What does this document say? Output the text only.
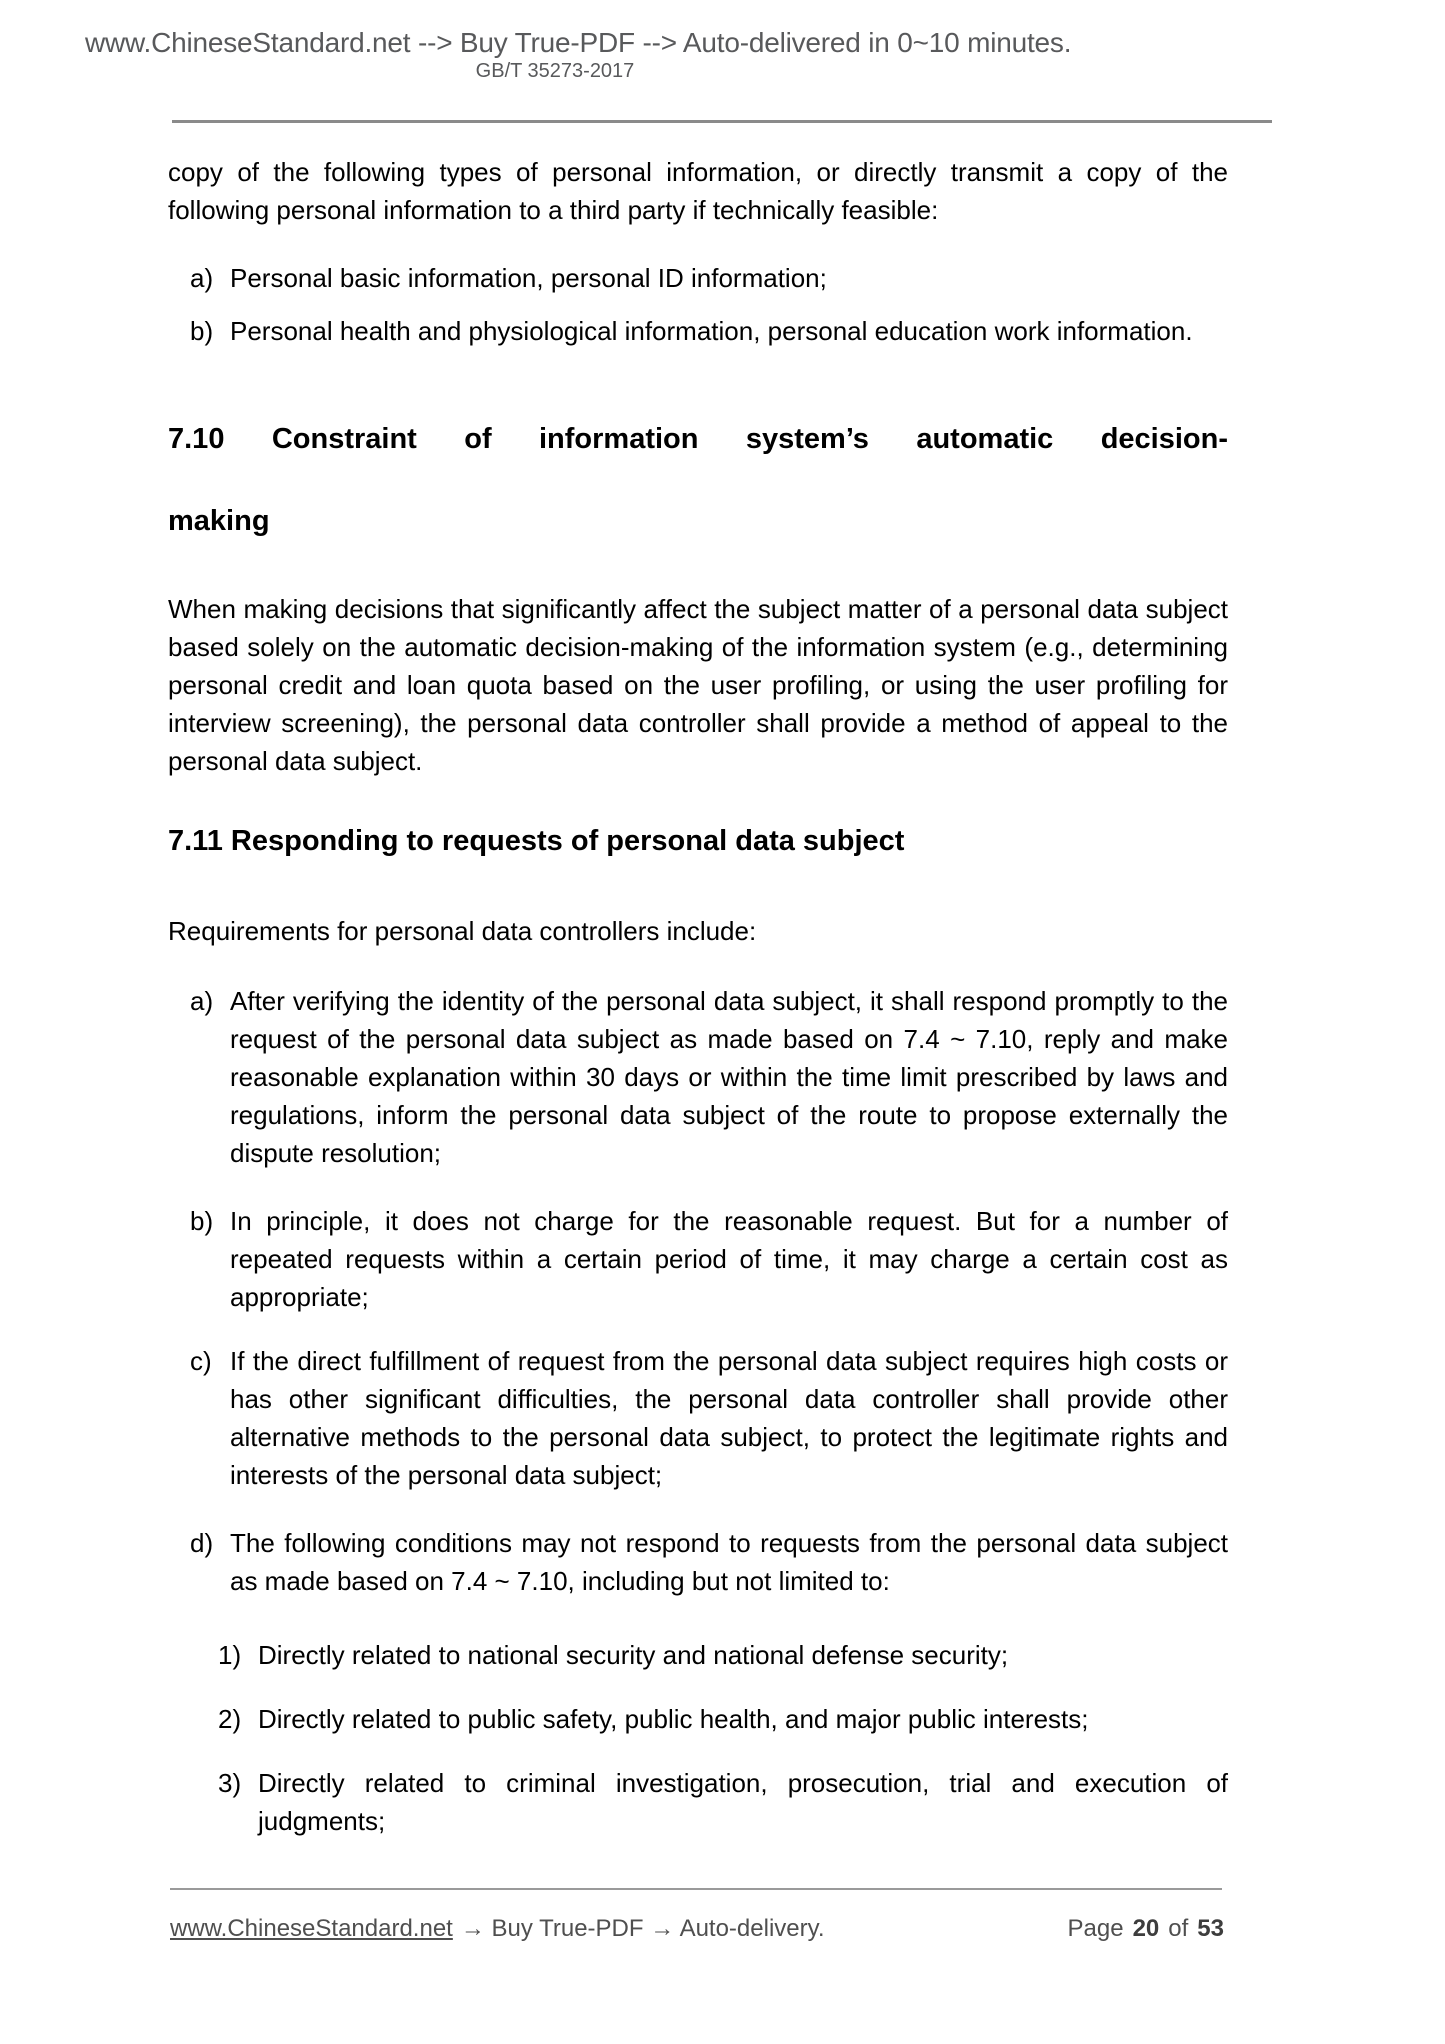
www.ChineseStandard.net --> Buy True-PDF --> Auto-delivered in 0~10 minutes.
GB/T 35273-2017

copy of the following types of personal information, or directly transmit a copy of the following personal information to a third party if technically feasible:

a) Personal basic information, personal ID information;
b) Personal health and physiological information, personal education work information.
7.10 Constraint of information system’s automatic decision-
making

When making decisions that significantly affect the subject matter of a personal data subject based solely on the automatic decision-making of the information system (e.g., determining personal credit and loan quota based on the user profiling, or using the user profiling for interview screening), the personal data controller shall provide a method of appeal to the personal data subject.

7.11 Responding to requests of personal data subject

Requirements for personal data controllers include:

a) After verifying the identity of the personal data subject, it shall respond promptly to the request of the personal data subject as made based on 7.4 ~ 7.10, reply and make reasonable explanation within 30 days or within the time limit prescribed by laws and regulations, inform the personal data subject of the route to propose externally the dispute resolution;
b) In principle, it does not charge for the reasonable request. But for a number of repeated requests within a certain period of time, it may charge a certain cost as appropriate;
c) If the direct fulfillment of request from the personal data subject requires high costs or has other significant difficulties, the personal data controller shall provide other alternative methods to the personal data subject, to protect the legitimate rights and interests of the personal data subject;
d) The following conditions may not respond to requests from the personal data subject as made based on 7.4 ~ 7.10, including but not limited to:
1) Directly related to national security and national defense security;
2) Directly related to public safety, public health, and major public interests;
3) Directly related to criminal investigation, prosecution, trial and execution of judgments;
www.ChineseStandard.net → Buy True-PDF → Auto-delivery.	Page 20 of 53
